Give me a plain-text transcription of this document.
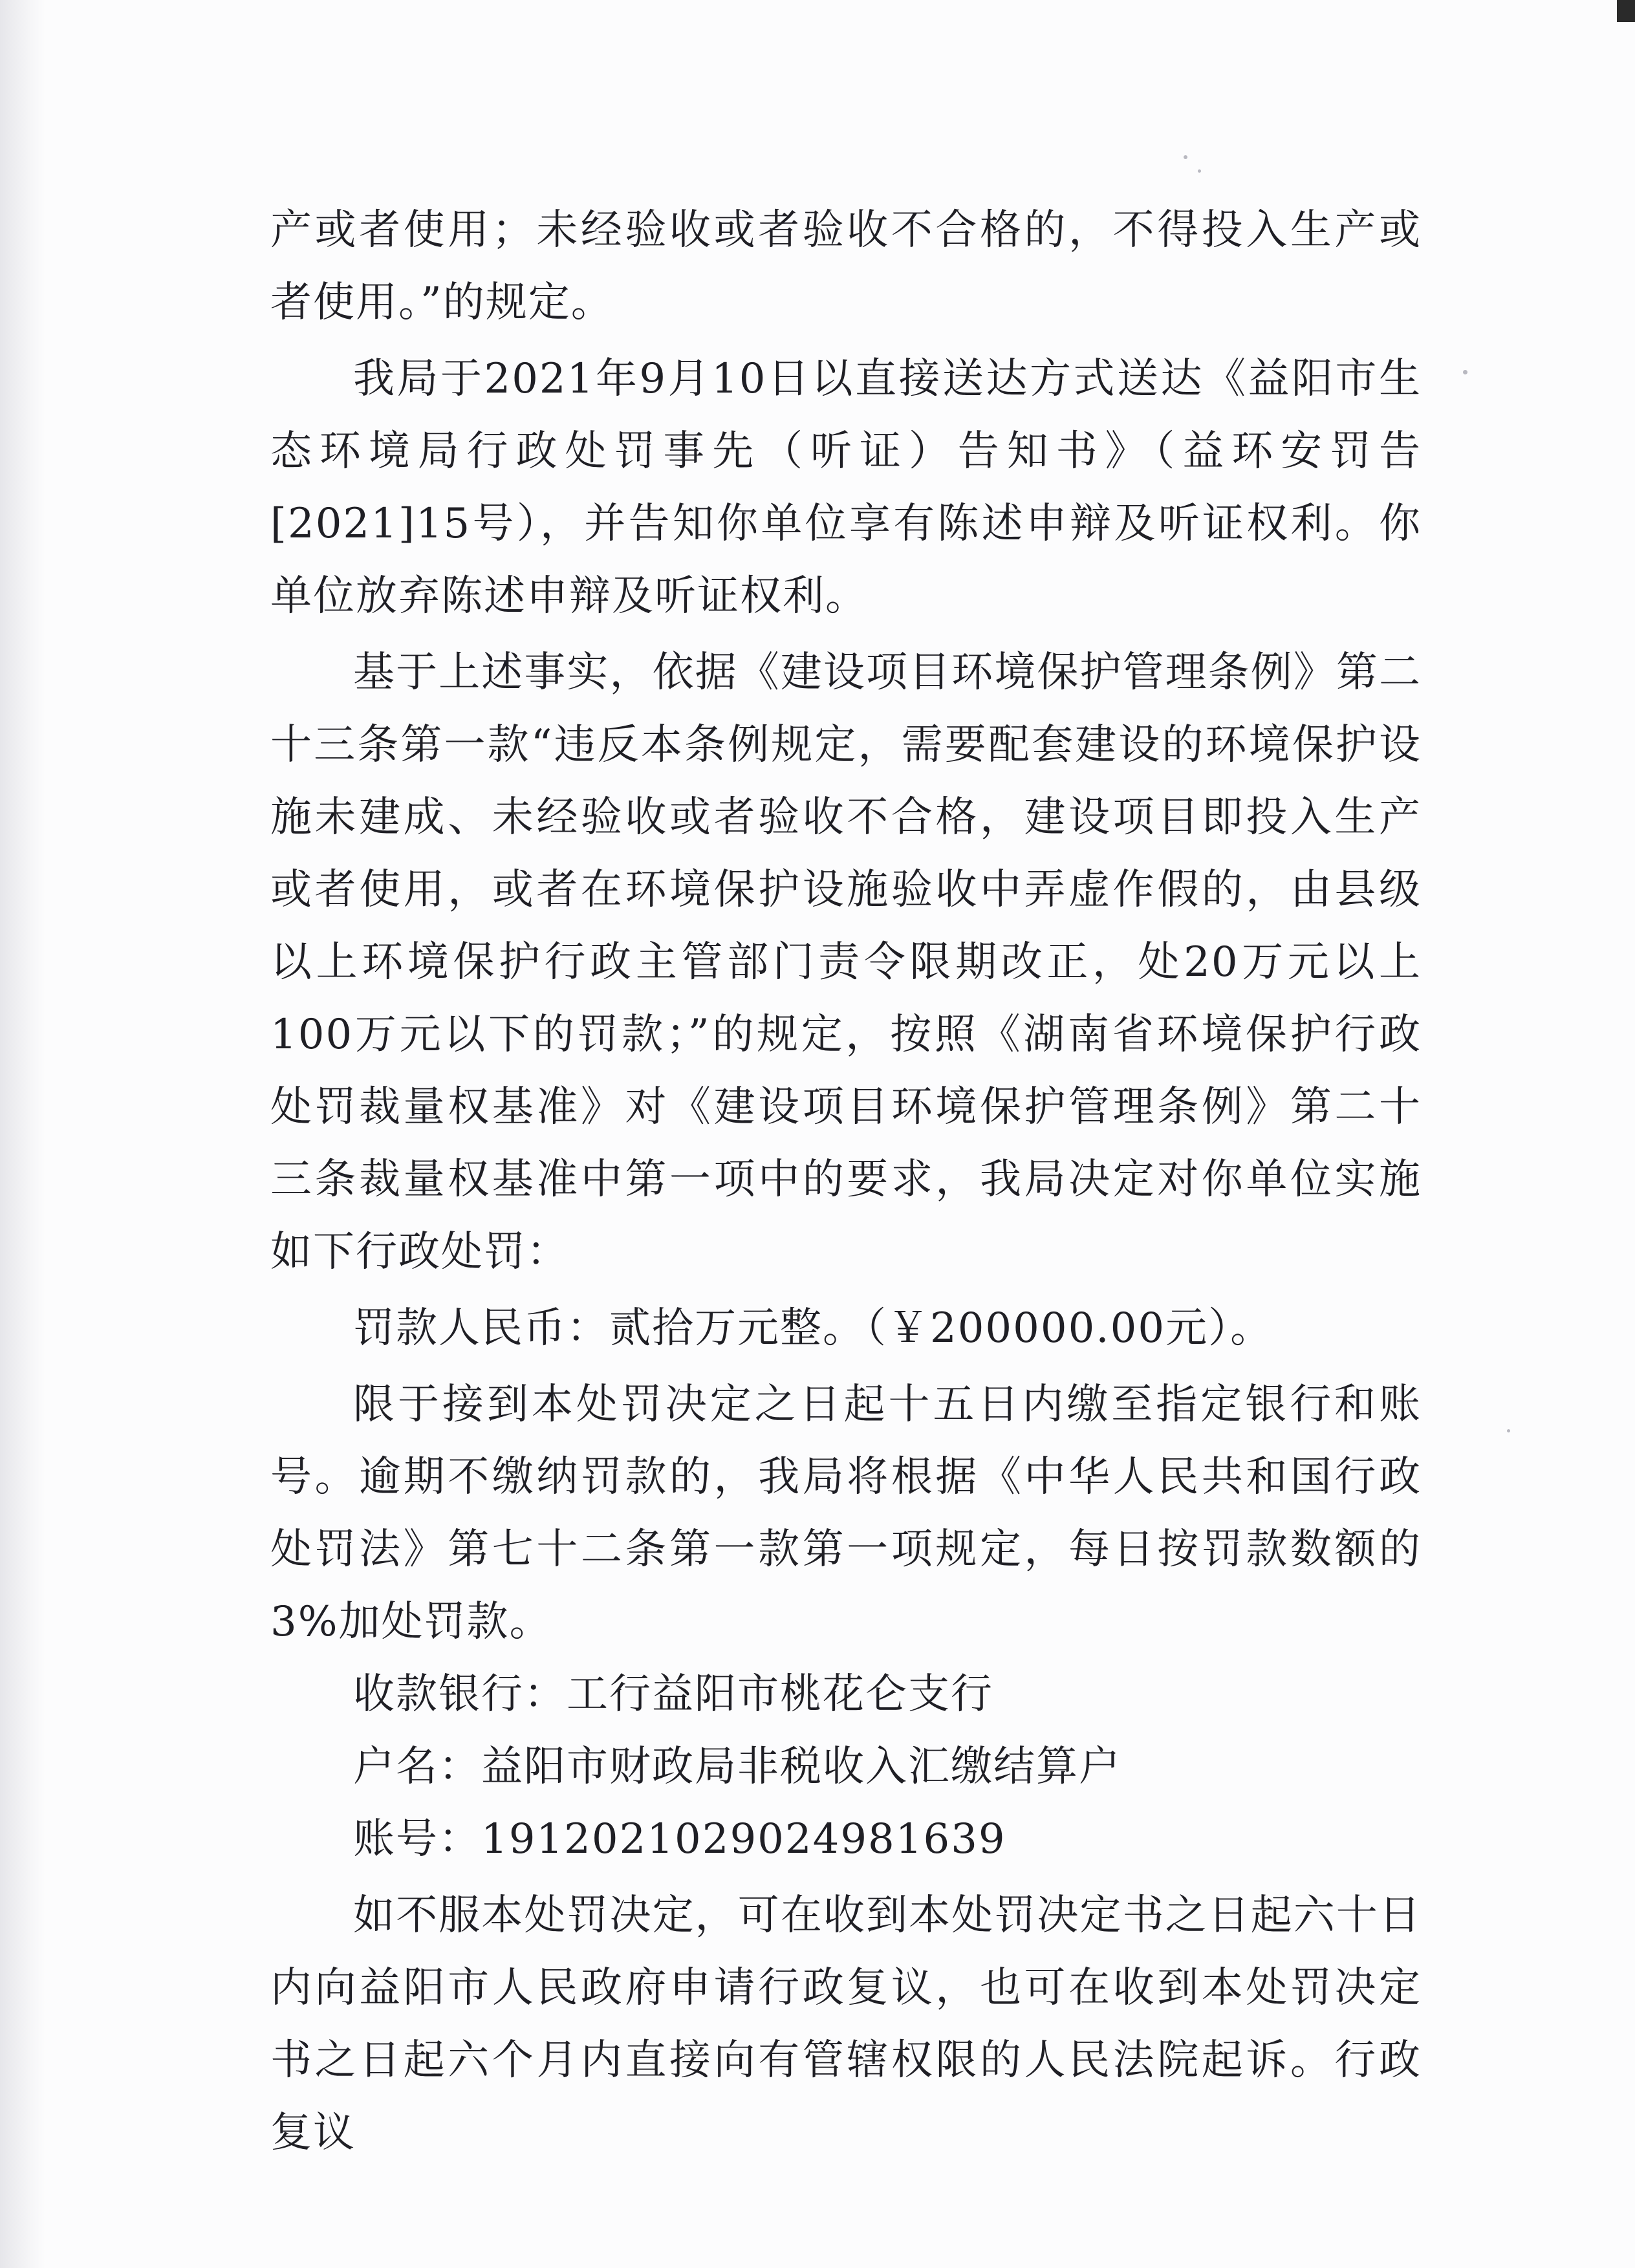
产或者使用；未经验收或者验收不合格的，不得投入生产或者使用。”的规定。

我局于2021年9月10日以直接送达方式送达《益阳市生态环境局行政处罚事先（听证）告知书》（益环安罚告[2021]15号），并告知你单位享有陈述申辩及听证权利。你单位放弃陈述申辩及听证权利。

基于上述事实，依据《建设项目环境保护管理条例》第二十三条第一款“违反本条例规定，需要配套建设的环境保护设施未建成、未经验收或者验收不合格，建设项目即投入生产或者使用，或者在环境保护设施验收中弄虚作假的，由县级以上环境保护行政主管部门责令限期改正，处20万元以上100万元以下的罚款；”的规定，按照《湖南省环境保护行政处罚裁量权基准》对《建设项目环境保护管理条例》第二十三条裁量权基准中第一项中的要求，我局决定对你单位实施如下行政处罚：

罚款人民币：贰拾万元整。（￥200000.00元）。

限于接到本处罚决定之日起十五日内缴至指定银行和账号。逾期不缴纳罚款的，我局将根据《中华人民共和国行政处罚法》第七十二条第一款第一项规定，每日按罚款数额的3%加处罚款。

收款银行：工行益阳市桃花仑支行

户名：益阳市财政局非税收入汇缴结算户

账号：1912021029024981639

如不服本处罚决定，可在收到本处罚决定书之日起六十日内向益阳市人民政府申请行政复议，也可在收到本处罚决定书之日起六个月内直接向有管辖权限的人民法院起诉。行政复议
